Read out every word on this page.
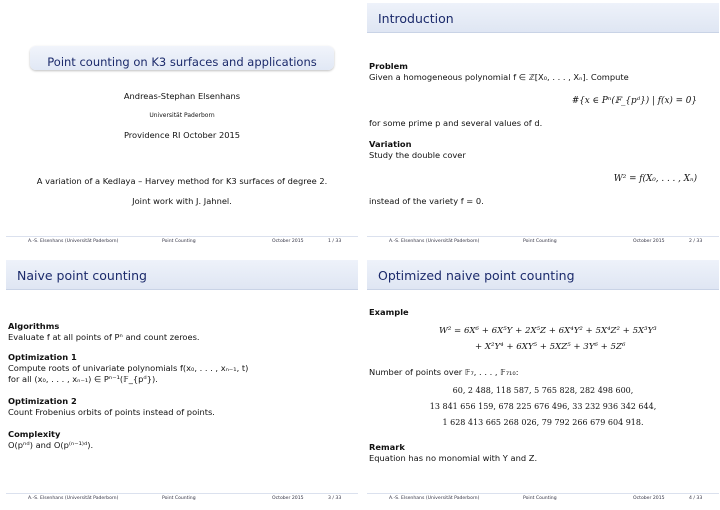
$_{Point counting on K3 surfaces and applications}$
Andreas-Stephan Elsenhans
Universität Paderborn
Providence RI October 2015
A variation of a Kedlaya – Harvey method for K3 surfaces of degree 2.
Joint work with J. Jahnel.
A.-S. Elsenhans (Universität Paderborn)	Point Counting	October 2015	1 / 33
Introduction
Problem
Given a homogeneous polynomial f ∈ ℤ[X₀, . . . , Xₙ]. Compute
#{x ∈ Pⁿ(𝔽_{pᵈ}) | f(x) = 0}
for some prime p and several values of d.
Variation
Study the double cover
W² = f(X₀, . . . , Xₙ)
instead of the variety f = 0.
A.-S. Elsenhans (Universität Paderborn)	Point Counting	October 2015	2 / 33
Naive point counting
Algorithms
Evaluate f at all points of Pⁿ and count zeroes.
Optimization 1
Compute roots of univariate polynomials f(x₀, . . . , xₙ₋₁, t)
for all (x₀, . . . , xₙ₋₁) ∈ Pⁿ⁻¹(𝔽_{pᵈ}).
Optimization 2
Count Frobenius orbits of points instead of points.
Complexity
O(pⁿᵈ) and O(p⁽ⁿ⁻¹⁾ᵈ).
A.-S. Elsenhans (Universität Paderborn)	Point Counting	October 2015	3 / 33
Optimized naive point counting
Example
W² = 6X⁶ + 6X⁵Y + 2X⁵Z + 6X⁴Y² + 5X⁴Z² + 5X³Y³
+ X²Y⁴ + 6XY⁵ + 5XZ⁵ + 3Y⁶ + 5Z⁶
Number of points over 𝔽₇, . . . , 𝔽₇₁₀:
60, 2 488, 118 587, 5 765 828, 282 498 600,
13 841 656 159, 678 225 676 496, 33 232 936 342 644,
1 628 413 665 268 026, 79 792 266 679 604 918.
Remark
Equation has no monomial with Y and Z.
A.-S. Elsenhans (Universität Paderborn)	Point Counting	October 2015	4 / 33
